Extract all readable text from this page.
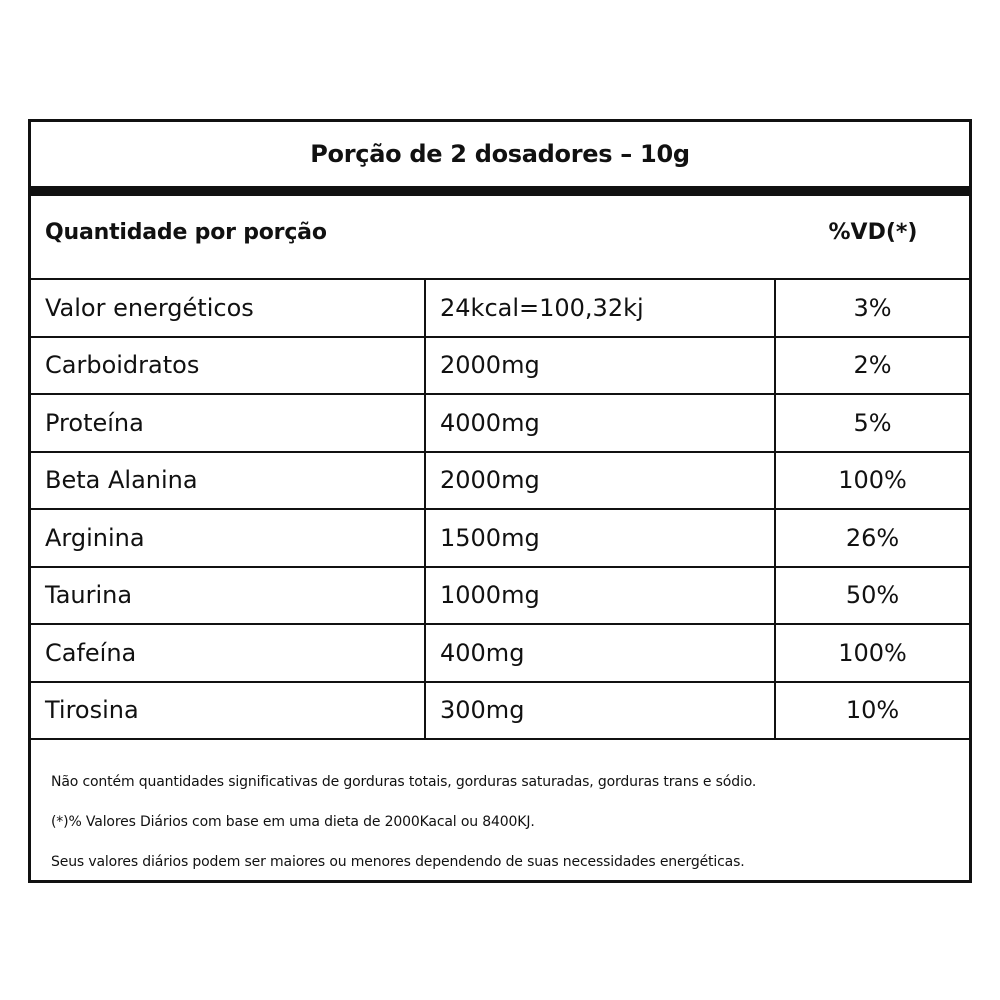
Porção de 2 dosadores – 10g
Quantidade por porção	%VD(*)
Valor energéticos	24kcal=100,32kj	3%
Carboidratos	2000mg	2%
Proteína	4000mg	5%
Beta Alanina	2000mg	100%
Arginina	1500mg	26%
Taurina	1000mg	50%
Cafeína	400mg	100%
Tirosina	300mg	10%
Não contém quantidades significativas de gorduras totais, gorduras saturadas, gorduras trans e sódio.
(*)% Valores Diários com base em uma dieta de 2000Kacal ou 8400KJ.
Seus valores diários podem ser maiores ou menores dependendo de suas necessidades energéticas.
